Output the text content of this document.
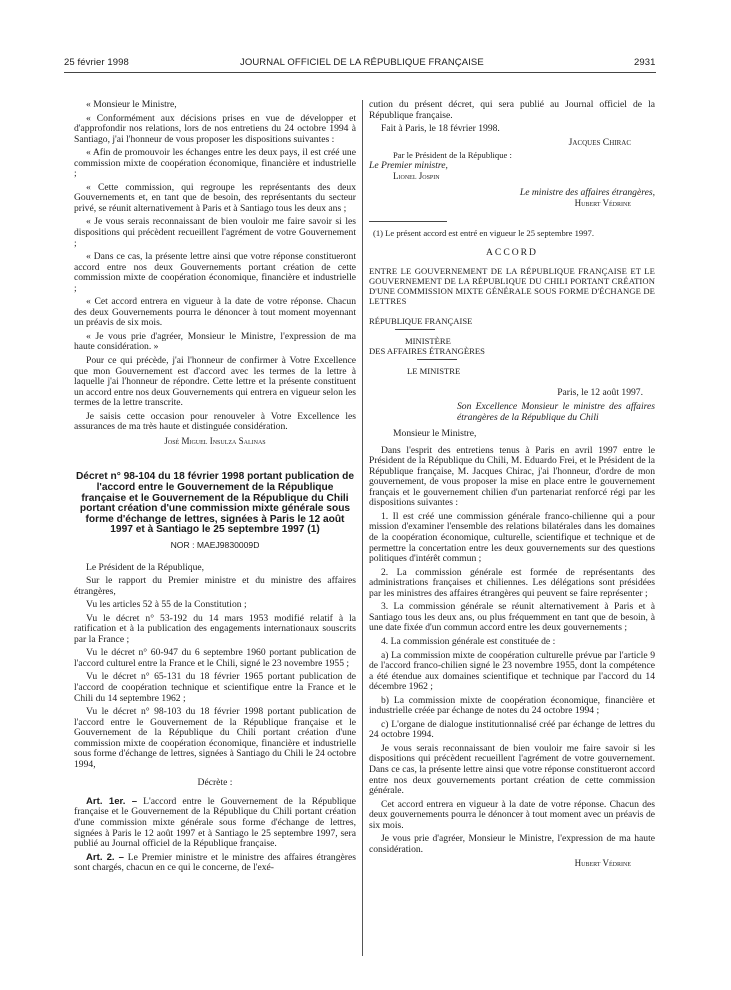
25 février 1998	JOURNAL OFFICIEL DE LA RÉPUBLIQUE FRANÇAISE	2931

« Monsieur le Ministre,

« Conformément aux décisions prises en vue de développer et d'approfondir nos relations, lors de nos entretiens du 24 octobre 1994 à Santiago, j'ai l'honneur de vous proposer les dispositions suivantes :

« Afin de promouvoir les échanges entre les deux pays, il est créé une commission mixte de coopération économique, financière et industrielle ;

« Cette commission, qui regroupe les représentants des deux Gouvernements et, en tant que de besoin, des représentants du secteur privé, se réunit alternativement à Paris et à Santiago tous les deux ans ;

« Je vous serais reconnaissant de bien vouloir me faire savoir si les dispositions qui précèdent recueillent l'agrément de votre Gouvernement ;

« Dans ce cas, la présente lettre ainsi que votre réponse constitueront accord entre nos deux Gouvernements portant création de cette commission mixte de coopération économique, financière et industrielle ;

« Cet accord entrera en vigueur à la date de votre réponse. Chacun des deux Gouvernements pourra le dénoncer à tout moment moyennant un préavis de six mois.

« Je vous prie d'agréer, Monsieur le Ministre, l'expression de ma haute considération. »

Pour ce qui précède, j'ai l'honneur de confirmer à Votre Excellence que mon Gouvernement est d'accord avec les termes de la lettre à laquelle j'ai l'honneur de répondre. Cette lettre et la présente constituent un accord entre nos deux Gouvernements qui entrera en vigueur selon les termes de la lettre transcrite.

Je saisis cette occasion pour renouveler à Votre Excellence les assurances de ma très haute et distinguée considération.

José Miguel Insulza Salinas

Décret n° 98-104 du 18 février 1998 portant publication de l'accord entre le Gouvernement de la République française et le Gouvernement de la République du Chili portant création d'une commission mixte générale sous forme d'échange de lettres, signées à Paris le 12 août 1997 et à Santiago le 25 septembre 1997 (1)

NOR : MAEJ9830009D

Le Président de la République,

Sur le rapport du Premier ministre et du ministre des affaires étrangères,

Vu les articles 52 à 55 de la Constitution ;

Vu le décret n° 53-192 du 14 mars 1953 modifié relatif à la ratification et à la publication des engagements internationaux souscrits par la France ;

Vu le décret n° 60-947 du 6 septembre 1960 portant publication de l'accord culturel entre la France et le Chili, signé le 23 novembre 1955 ;

Vu le décret n° 65-131 du 18 février 1965 portant publication de l'accord de coopération technique et scientifique entre la France et le Chili du 14 septembre 1962 ;

Vu le décret n° 98-103 du 18 février 1998 portant publication de l'accord entre le Gouvernement de la République française et le Gouvernement de la République du Chili portant création d'une commission mixte de coopération économique, financière et industrielle sous forme d'échange de lettres, signées à Santiago du Chili le 24 octobre 1994,

Décrète :

Art. 1er. – L'accord entre le Gouvernement de la République française et le Gouvernement de la République du Chili portant création d'une commission mixte générale sous forme d'échange de lettres, signées à Paris le 12 août 1997 et à Santiago le 25 septembre 1997, sera publié au Journal officiel de la République française.

Art. 2. – Le Premier ministre et le ministre des affaires étrangères sont chargés, chacun en ce qui le concerne, de l'exé-

cution du présent décret, qui sera publié au Journal officiel de la République française.

Fait à Paris, le 18 février 1998.

Jacques Chirac

Par le Président de la République :

Le Premier ministre,

Lionel Jospin

Le ministre des affaires étrangères,

Hubert Védrine

(1) Le présent accord est entré en vigueur le 25 septembre 1997.

ACCORD

ENTRE LE GOUVERNEMENT DE LA RÉPUBLIQUE FRANÇAISE ET LE GOUVERNEMENT DE LA RÉPUBLIQUE DU CHILI PORTANT CRÉATION D'UNE COMMISSION MIXTE GÉNÉRALE SOUS FORME D'ÉCHANGE DE LETTRES

RÉPUBLIQUE FRANÇAISE

MINISTÈRE

DES AFFAIRES ÉTRANGÈRES

LE MINISTRE

Paris, le 12 août 1997.

Son Excellence Monsieur le ministre des affaires étrangères de la République du Chili

Monsieur le Ministre,

Dans l'esprit des entretiens tenus à Paris en avril 1997 entre le Président de la République du Chili, M. Eduardo Frei, et le Président de la République française, M. Jacques Chirac, j'ai l'honneur, d'ordre de mon gouvernement, de vous proposer la mise en place entre le gouvernement français et le gouvernement chilien d'un partenariat renforcé régi par les dispositions suivantes :

1. Il est créé une commission générale franco-chilienne qui a pour mission d'examiner l'ensemble des relations bilatérales dans les domaines de la coopération économique, culturelle, scientifique et technique et de permettre la concertation entre les deux gouvernements sur des questions politiques d'intérêt commun ;

2. La commission générale est formée de représentants des administrations françaises et chiliennes. Les délégations sont présidées par les ministres des affaires étrangères qui peuvent se faire représenter ;

3. La commission générale se réunit alternativement à Paris et à Santiago tous les deux ans, ou plus fréquemment en tant que de besoin, à une date fixée d'un commun accord entre les deux gouvernements ;

4. La commission générale est constituée de :

a) La commission mixte de coopération culturelle prévue par l'article 9 de l'accord franco-chilien signé le 23 novembre 1955, dont la compétence a été étendue aux domaines scientifique et technique par l'accord du 14 décembre 1962 ;

b) La commission mixte de coopération économique, financière et industrielle créée par échange de notes du 24 octobre 1994 ;

c) L'organe de dialogue institutionnalisé créé par échange de lettres du 24 octobre 1994.

Je vous serais reconnaissant de bien vouloir me faire savoir si les dispositions qui précèdent recueillent l'agrément de votre gouvernement. Dans ce cas, la présente lettre ainsi que votre réponse constitueront accord entre nos deux gouvernements portant création de cette commission générale.

Cet accord entrera en vigueur à la date de votre réponse. Chacun des deux gouvernements pourra le dénoncer à tout moment avec un préavis de six mois.

Je vous prie d'agréer, Monsieur le Ministre, l'expression de ma haute considération.

Hubert Védrine
